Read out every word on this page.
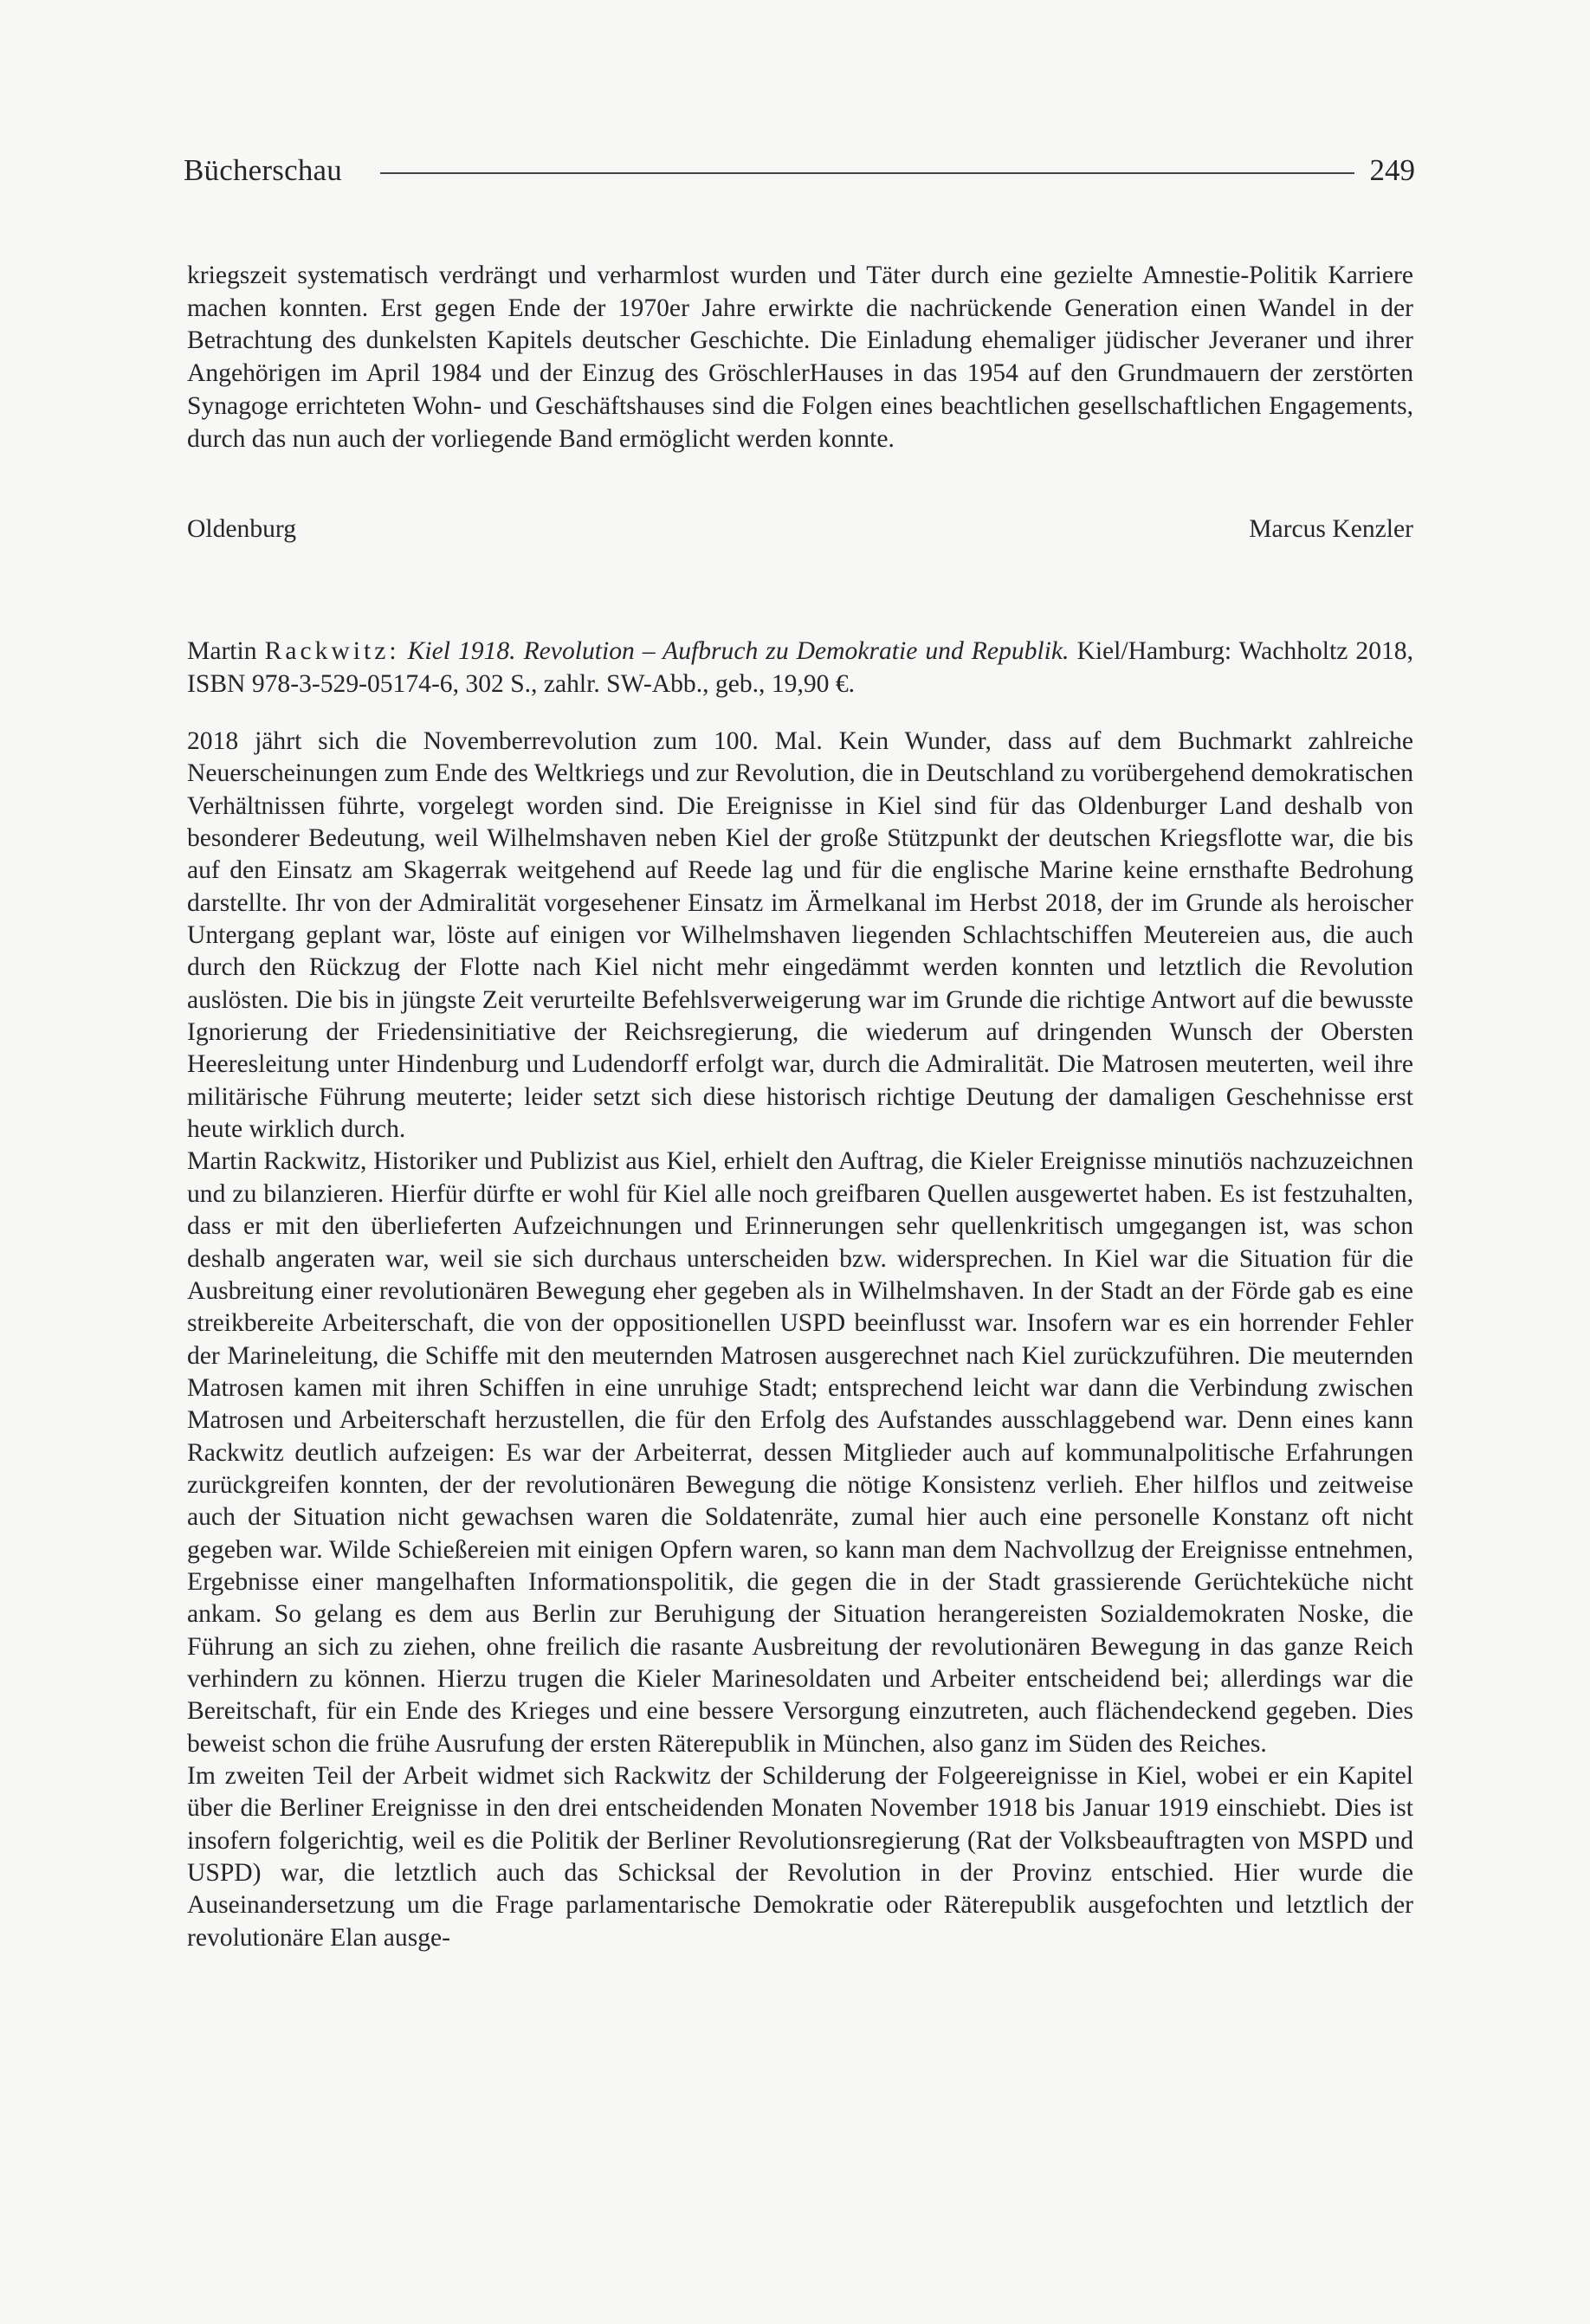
Bücherschau	249

kriegszeit systematisch verdrängt und verharmlost wurden und Täter durch eine gezielte Amnestie-Politik Karriere machen konnten. Erst gegen Ende der 1970er Jahre erwirkte die nachrückende Generation einen Wandel in der Betrachtung des dunkelsten Kapitels deutscher Geschichte. Die Einladung ehemaliger jüdischer Jeveraner und ihrer Angehörigen im April 1984 und der Einzug des GröschlerHauses in das 1954 auf den Grundmauern der zerstörten Synagoge errichteten Wohn- und Geschäftshauses sind die Folgen eines beachtlichen gesellschaftlichen Engagements, durch das nun auch der vorliegende Band ermöglicht werden konnte.

Oldenburg	Marcus Kenzler
Martin Rackwitz: Kiel 1918. Revolution – Aufbruch zu Demokratie und Republik. Kiel/Hamburg: Wachholtz 2018, ISBN 978-3-529-05174-6, 302 S., zahlr. SW-Abb., geb., 19,90 €.

2018 jährt sich die Novemberrevolution zum 100. Mal. Kein Wunder, dass auf dem Buchmarkt zahlreiche Neuerscheinungen zum Ende des Weltkriegs und zur Revolution, die in Deutschland zu vorübergehend demokratischen Verhältnissen führte, vorgelegt worden sind. Die Ereignisse in Kiel sind für das Oldenburger Land deshalb von besonderer Bedeutung, weil Wilhelmshaven neben Kiel der große Stützpunkt der deutschen Kriegsflotte war, die bis auf den Einsatz am Skagerrak weitgehend auf Reede lag und für die englische Marine keine ernsthafte Bedrohung darstellte. Ihr von der Admiralität vorgesehener Einsatz im Ärmelkanal im Herbst 2018, der im Grunde als heroischer Untergang geplant war, löste auf einigen vor Wilhelmshaven liegenden Schlachtschiffen Meutereien aus, die auch durch den Rückzug der Flotte nach Kiel nicht mehr eingedämmt werden konnten und letztlich die Revolution auslösten. Die bis in jüngste Zeit verurteilte Befehlsverweigerung war im Grunde die richtige Antwort auf die bewusste Ignorierung der Friedensinitiative der Reichsregierung, die wiederum auf dringenden Wunsch der Obersten Heeresleitung unter Hindenburg und Ludendorff erfolgt war, durch die Admiralität. Die Matrosen meuterten, weil ihre militärische Führung meuterte; leider setzt sich diese historisch richtige Deutung der damaligen Geschehnisse erst heute wirklich durch.

Martin Rackwitz, Historiker und Publizist aus Kiel, erhielt den Auftrag, die Kieler Ereignisse minutiös nachzuzeichnen und zu bilanzieren. Hierfür dürfte er wohl für Kiel alle noch greifbaren Quellen ausgewertet haben. Es ist festzuhalten, dass er mit den überlieferten Aufzeichnungen und Erinnerungen sehr quellenkritisch umgegangen ist, was schon deshalb angeraten war, weil sie sich durchaus unterscheiden bzw. widersprechen. In Kiel war die Situation für die Ausbreitung einer revolutionären Bewegung eher gegeben als in Wilhelmshaven. In der Stadt an der Förde gab es eine streikbereite Arbeiterschaft, die von der oppositionellen USPD beeinflusst war. Insofern war es ein horrender Fehler der Marineleitung, die Schiffe mit den meuternden Matrosen ausgerechnet nach Kiel zurückzuführen. Die meuternden Matrosen kamen mit ihren Schiffen in eine unruhige Stadt; entsprechend leicht war dann die Verbindung zwischen Matrosen und Arbeiterschaft herzustellen, die für den Erfolg des Aufstandes ausschlaggebend war. Denn eines kann Rackwitz deutlich aufzeigen: Es war der Arbeiterrat, dessen Mitglieder auch auf kommunalpolitische Erfahrungen zurückgreifen konnten, der der revolutionären Bewegung die nötige Konsistenz verlieh. Eher hilflos und zeitweise auch der Situation nicht gewachsen waren die Soldatenräte, zumal hier auch eine personelle Konstanz oft nicht gegeben war. Wilde Schießereien mit einigen Opfern waren, so kann man dem Nachvollzug der Ereignisse entnehmen, Ergebnisse einer mangelhaften Informationspolitik, die gegen die in der Stadt grassierende Gerüchteküche nicht ankam. So gelang es dem aus Berlin zur Beruhigung der Situation herangereisten Sozialdemokraten Noske, die Führung an sich zu ziehen, ohne freilich die rasante Ausbreitung der revolutionären Bewegung in das ganze Reich verhindern zu können. Hierzu trugen die Kieler Marinesoldaten und Arbeiter entscheidend bei; allerdings war die Bereitschaft, für ein Ende des Krieges und eine bessere Versorgung einzutreten, auch flächendeckend gegeben. Dies beweist schon die frühe Ausrufung der ersten Räterepublik in München, also ganz im Süden des Reiches.

Im zweiten Teil der Arbeit widmet sich Rackwitz der Schilderung der Folgeereignisse in Kiel, wobei er ein Kapitel über die Berliner Ereignisse in den drei entscheidenden Monaten November 1918 bis Januar 1919 einschiebt. Dies ist insofern folgerichtig, weil es die Politik der Berliner Revolutionsregierung (Rat der Volksbeauftragten von MSPD und USPD) war, die letztlich auch das Schicksal der Revolution in der Provinz entschied. Hier wurde die Auseinandersetzung um die Frage parlamentarische Demokratie oder Räterepublik ausgefochten und letztlich der revolutionäre Elan ausge-
